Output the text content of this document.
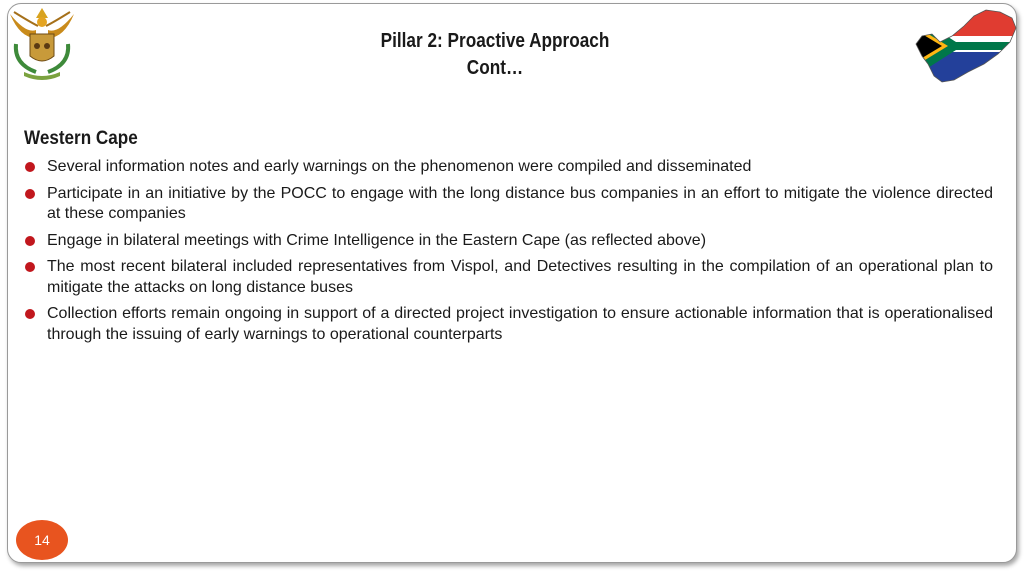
Pillar 2: Proactive Approach
Cont…
Western Cape
Several information notes and early warnings on the phenomenon were compiled and disseminated
Participate in an initiative by the POCC to engage with the long distance bus companies in an effort to mitigate the violence directed at these companies
Engage in bilateral meetings with Crime Intelligence in the Eastern Cape (as reflected above)
The most recent bilateral included representatives from Vispol, and Detectives resulting in the compilation of an operational plan to mitigate the attacks on long distance buses
Collection efforts remain ongoing in support of a directed project investigation to ensure actionable information that is operationalised through the issuing of early warnings to operational counterparts
14
